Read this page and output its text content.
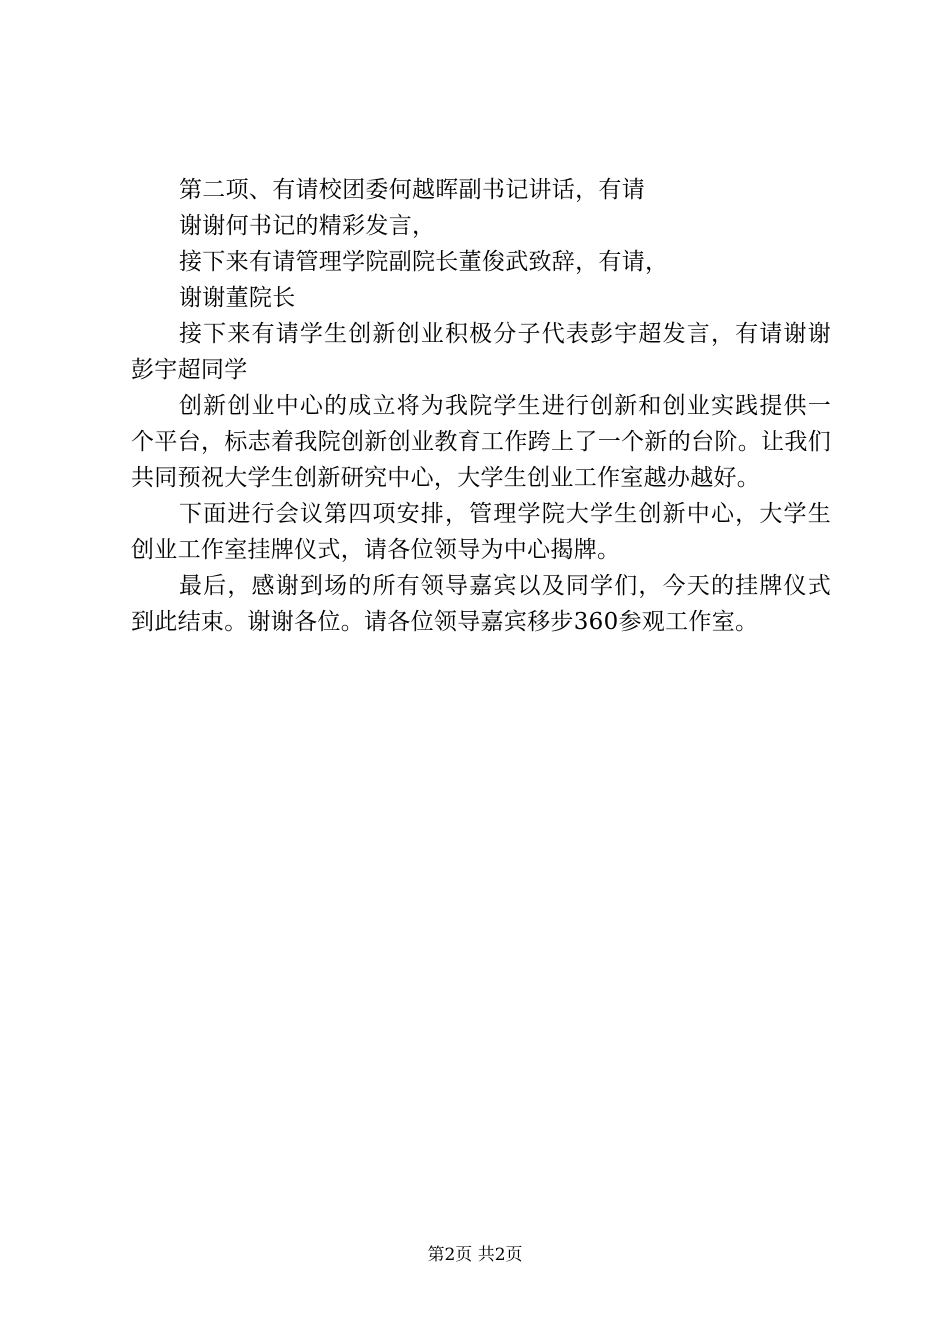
第二项、有请校团委何越晖副书记讲话，有请

谢谢何书记的精彩发言，

接下来有请管理学院副院长董俊武致辞，有请，

谢谢董院长

接下来有请学生创新创业积极分子代表彭宇超发言，有请谢谢彭宇超同学

创新创业中心的成立将为我院学生进行创新和创业实践提供一个平台，标志着我院创新创业教育工作跨上了一个新的台阶。让我们共同预祝大学生创新研究中心，大学生创业工作室越办越好。

下面进行会议第四项安排，管理学院大学生创新中心，大学生创业工作室挂牌仪式，请各位领导为中心揭牌。

最后，感谢到场的所有领导嘉宾以及同学们，今天的挂牌仪式到此结束。谢谢各位。请各位领导嘉宾移步360参观工作室。

第2页 共2页
